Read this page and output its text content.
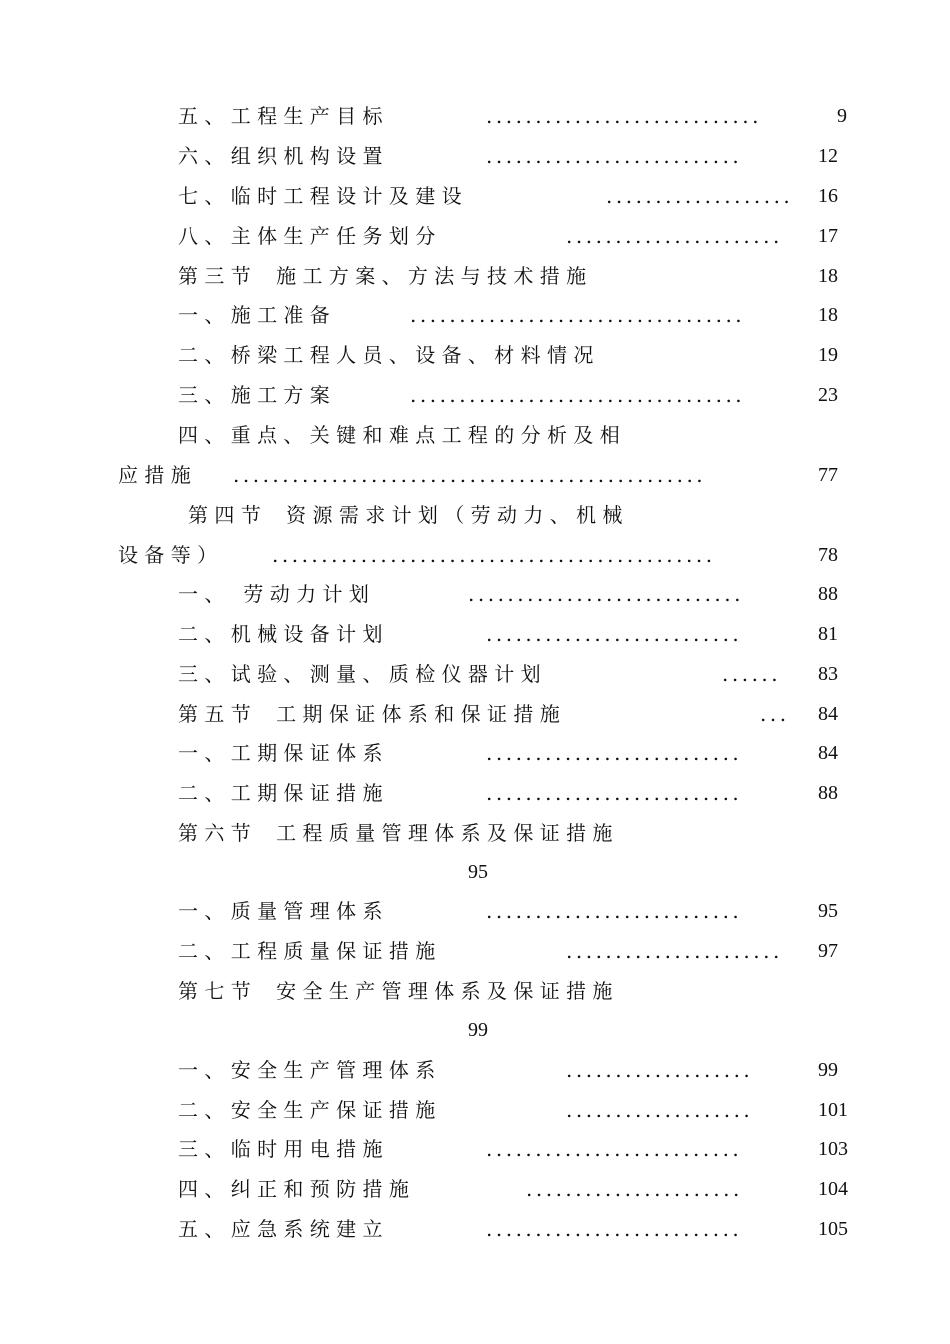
五 、 工 程 生 产 目 标	............................	9
六 、 组 织 机 构 设 置	..........................	12
七 、 临 时 工 程 设 计 及 建 设	................... 16
八 、 主 体 生 产 任 务 划 分	......................	17
第 三 节    施 工 方 案 、 方 法 与 技 术 措 施	18
一 、 施 工 准 备	..................................	18
二 、 桥 梁 工 程 人 员 、 设 备 、 材 料 情 况	19
三 、 施 工 方 案	..................................	23
四 、 重 点 、 关 键 和 难 点 工 程 的 分 析 及 相
应 措 施 ................................................	77
第 四 节    资 源 需 求 计 划 （ 劳 动 力 、 机 械
设 备 等 ）	.............................................	78
一 、   劳 动 力 计 划	............................	88
二 、 机 械 设 备 计 划	..........................	81
三 、 试 验 、 测 量 、 质 检 仪 器 计 划	......	83
第 五 节    工 期 保 证 体 系 和 保 证 措 施	...	84
一 、 工 期 保 证 体 系	..........................	84
二 、 工 期 保 证 措 施	..........................	88
第 六 节    工 程 质 量 管 理 体 系 及 保 证 措 施
95
一 、 质 量 管 理 体 系	..........................	95
二 、 工 程 质 量 保 证 措 施	......................	97
第 七 节    安 全 生 产 管 理 体 系 及 保 证 措 施
99
一 、 安 全 生 产 管 理 体 系	...................	99
二 、 安 全 生 产 保 证 措 施	...................	101
三 、 临 时 用 电 措 施	..........................	103
四 、 纠 正 和 预 防 措 施	......................	104
五 、 应 急 系 统 建 立	..........................	105
